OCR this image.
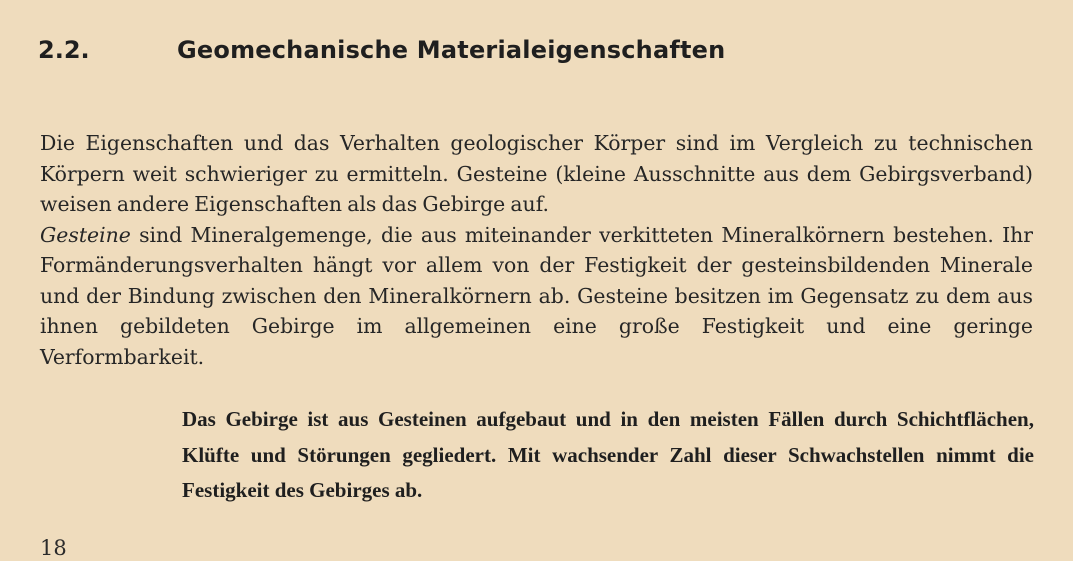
2.2.	Geomechanische Materialeigenschaften

Die Eigenschaften und das Verhalten geologischer Körper sind im Vergleich zu technischen Körpern weit schwieriger zu ermitteln. Gesteine (kleine Ausschnitte aus dem Gebirgsverband) weisen andere Eigenschaften als das Gebirge auf.

Gesteine sind Mineralgemenge, die aus miteinander verkitteten Mineralkörnern bestehen. Ihr Formänderungsverhalten hängt vor allem von der Festigkeit der gesteinsbildenden Minerale und der Bindung zwischen den Mineralkörnern ab. Gesteine besitzen im Gegensatz zu dem aus ihnen gebildeten Gebirge im allgemeinen eine große Festigkeit und eine geringe Verformbarkeit.

Das Gebirge ist aus Gesteinen aufgebaut und in den meisten Fällen durch Schichtflächen, Klüfte und Störungen gegliedert. Mit wachsender Zahl dieser Schwachstellen nimmt die Festigkeit des Gebirges ab.
18
